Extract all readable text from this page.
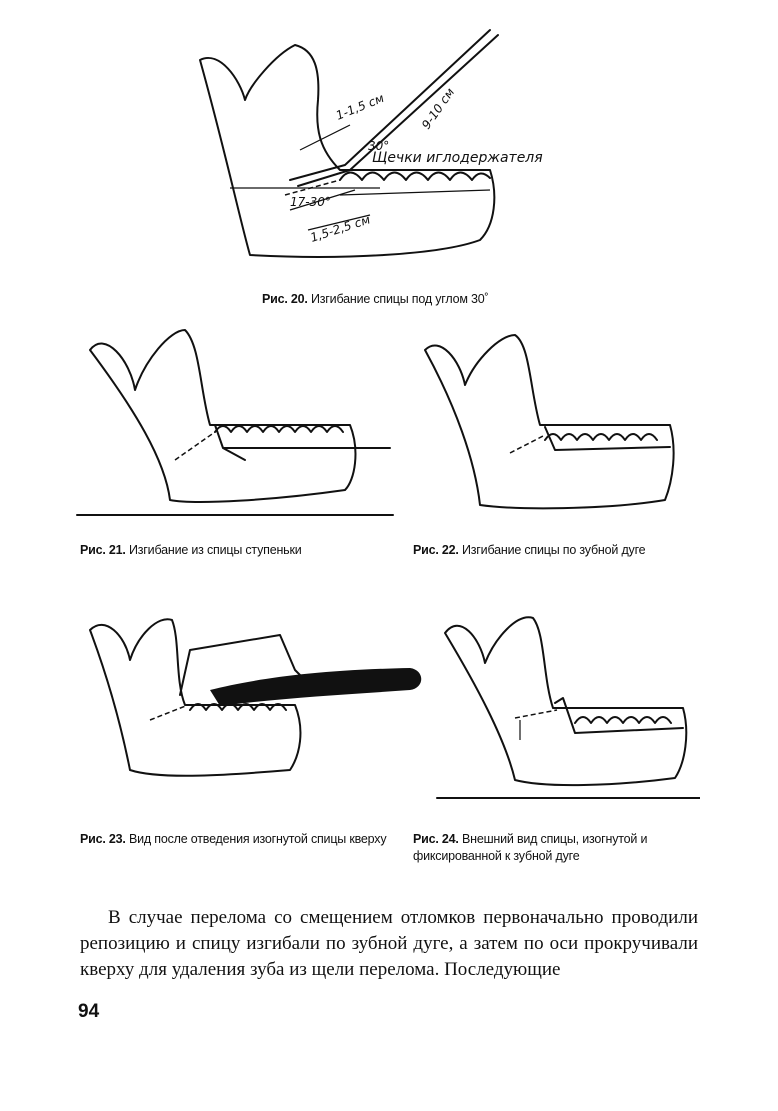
1-1,5 см	9-10 см
30°
Щечки иглодержателя
17-30°
1,5-2,5 см
Рис. 20. Изгибание спицы под углом 30˚
Рис. 21. Изгибание из спицы ступеньки	Рис. 22. Изгибание спицы по зубной дуге
Рис. 23. Вид после отведения изогнутой спицы кверху Рис. 24. Внешний вид спицы, изогнутой и фиксированной к зубной дуге

В случае перелома со смещением отломков первоначально проводили репозицию и спицу изгибали по зубной дуге, а затем по оси прокручивали кверху для удаления зуба из щели перелома. Последующие

94
